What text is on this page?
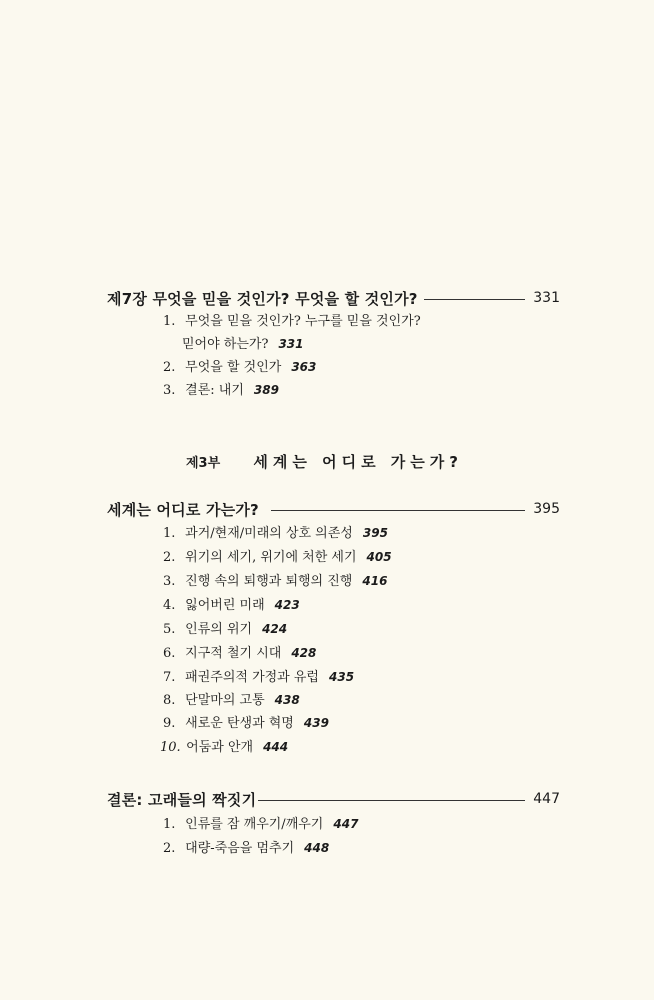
제7장 무엇을 믿을 것인가? 무엇을 할 것인가?	331
1. 무엇을 믿을 것인가? 누구를 믿을 것인가?
믿어야 하는가? 331
2. 무엇을 할 것인가 363
3. 결론: 내기 389
제3부 세계는 어디로 가는가?
세계는 어디로 가는가?	395
1. 과거/현재/미래의 상호 의존성 395
2. 위기의 세기, 위기에 처한 세기 405
3. 진행 속의 퇴행과 퇴행의 진행 416
4. 잃어버린 미래 423
5. 인류의 위기 424
6. 지구적 철기 시대 428
7. 패권주의적 가정과 유럽 435
8. 단말마의 고통 438
9. 새로운 탄생과 혁명 439
10. 어둠과 안개 444
결론: 고래들의 짝짓기	447
1. 인류를 잠 깨우기/깨우기 447
2. 대량-죽음을 멈추기 448
